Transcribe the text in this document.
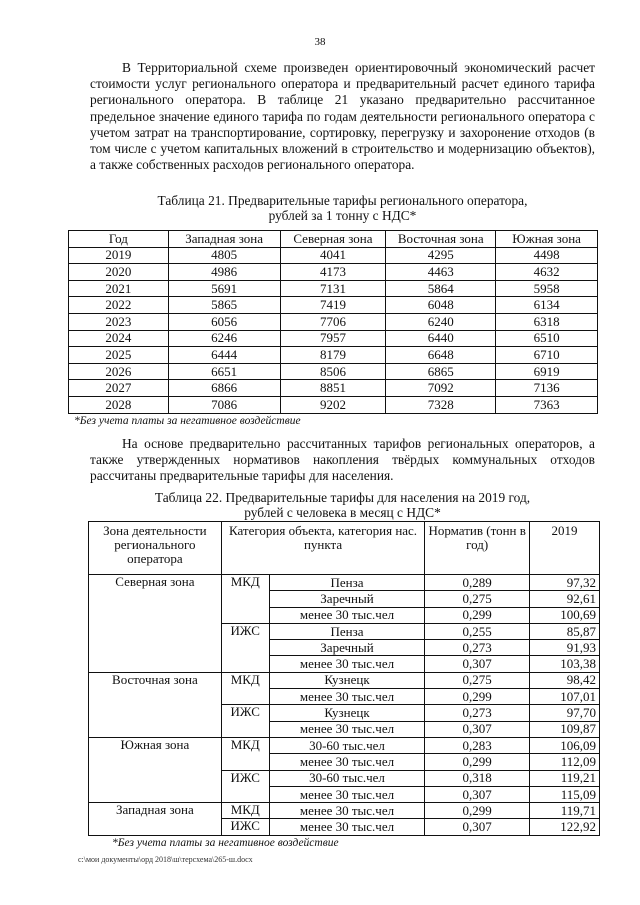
38

В Территориальной схеме произведен ориентировочный экономический расчет стоимости услуг регионального оператора и предварительный расчет единого тарифа регионального оператора. В таблице 21 указано предварительно рассчитанное предельное значение единого тарифа по годам деятельности регионального оператора с учетом затрат на транспортирование, сортировку, перегрузку и захоронение отходов (в том числе с учетом капитальных вложений в строительство и модернизацию объектов), а также собственных расходов регионального оператора.

Таблица 21. Предварительные тарифы регионального оператора,
рублей за 1 тонну с НДС*
Год	Западная зона	Северная зона	Восточная зона	Южная зона
2019	4805	4041	4295	4498
2020	4986	4173	4463	4632
2021	5691	7131	5864	5958
2022	5865	7419	6048	6134
2023	6056	7706	6240	6318
2024	6246	7957	6440	6510
2025	6444	8179	6648	6710
2026	6651	8506	6865	6919
2027	6866	8851	7092	7136
2028	7086	9202	7328	7363
*Без учета платы за негативное воздействие

На основе предварительно рассчитанных тарифов региональных операторов, а также утвержденных нормативов накопления твёрдых коммунальных отходов рассчитаны предварительные тарифы для населения.

Таблица 22. Предварительные тарифы для населения на 2019 год,
рублей с человека в месяц с НДС*
Зона деятельности регионального оператора	Категория объекта, категория нас. пункта		Норматив (тонн в год)	2019
Северная зона	МКД	Пенза	0,289	97,32
		Заречный	0,275	92,61
		менее 30 тыс.чел	0,299	100,69
	ИЖС	Пенза	0,255	85,87
		Заречный	0,273	91,93
		менее 30 тыс.чел	0,307	103,38
Восточная зона	МКД	Кузнецк	0,275	98,42
		менее 30 тыс.чел	0,299	107,01
	ИЖС	Кузнецк	0,273	97,70
		менее 30 тыс.чел	0,307	109,87
Южная зона	МКД	30-60 тыс.чел	0,283	106,09
		менее 30 тыс.чел	0,299	112,09
	ИЖС	30-60 тыс.чел	0,318	119,21
		менее 30 тыс.чел	0,307	115,09
Западная зона	МКД	менее 30 тыс.чел	0,299	119,71
	ИЖС	менее 30 тыс.чел	0,307	122,92
*Без учета платы за негативное воздействие
c:\мои документы\орд 2018\ш\терсхема\265-ш.docx
